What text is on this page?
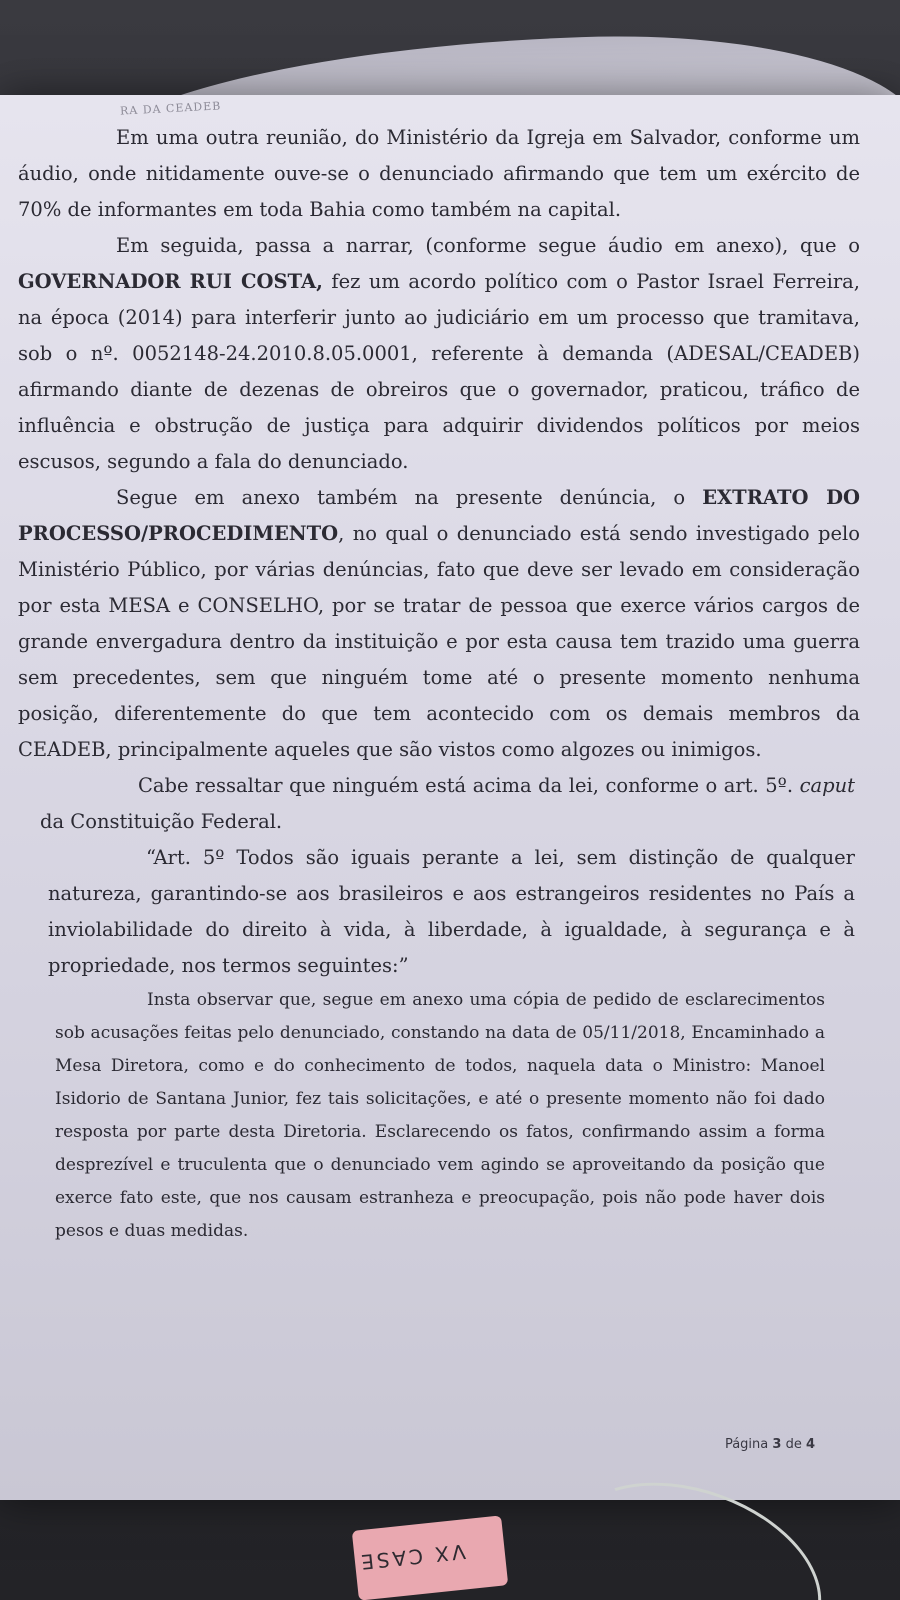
RA DA CEADEB

Em uma outra reunião, do Ministério da Igreja em Salvador, conforme um áudio, onde nitidamente ouve-se o denunciado afirmando que tem um exército de 70% de informantes em toda Bahia como também na capital.

Em seguida, passa a narrar, (conforme segue áudio em anexo), que o GOVERNADOR RUI COSTA, fez um acordo político com o Pastor Israel Ferreira, na época (2014) para interferir junto ao judiciário em um processo que tramitava, sob o nº. 0052148-24.2010.8.05.0001, referente à demanda (ADESAL/CEADEB) afirmando diante de dezenas de obreiros que o governador, praticou, tráfico de influência e obstrução de justiça para adquirir dividendos políticos por meios escusos, segundo a fala do denunciado.

Segue em anexo também na presente denúncia, o EXTRATO DO PROCESSO/PROCEDIMENTO, no qual o denunciado está sendo investigado pelo Ministério Público, por várias denúncias, fato que deve ser levado em consideração por esta MESA e CONSELHO, por se tratar de pessoa que exerce vários cargos de grande envergadura dentro da instituição e por esta causa tem trazido uma guerra sem precedentes, sem que ninguém tome até o presente momento nenhuma posição, diferentemente do que tem acontecido com os demais membros da CEADEB, principalmente aqueles que são vistos como algozes ou inimigos.

Cabe ressaltar que ninguém está acima da lei, conforme o art. 5º. caput da Constituição Federal.

“Art. 5º Todos são iguais perante a lei, sem distinção de qualquer natureza, garantindo-se aos brasileiros e aos estrangeiros residentes no País a inviolabilidade do direito à vida, à liberdade, à igualdade, à segurança e à propriedade, nos termos seguintes:”

Insta observar que, segue em anexo uma cópia de pedido de esclarecimentos sob acusações feitas pelo denunciado, constando na data de 05/11/2018, Encaminhado a Mesa Diretora, como e do conhecimento de todos, naquela data o Ministro: Manoel Isidorio de Santana Junior, fez tais solicitações, e até o presente momento não foi dado resposta por parte desta Diretoria. Esclarecendo os fatos, confirmando assim a forma desprezível e truculenta que o denunciado vem agindo se aproveitando da posição que exerce fato este, que nos causam estranheza e preocupação, pois não pode haver dois pesos e duas medidas.

Página 3 de 4
VX CASE
